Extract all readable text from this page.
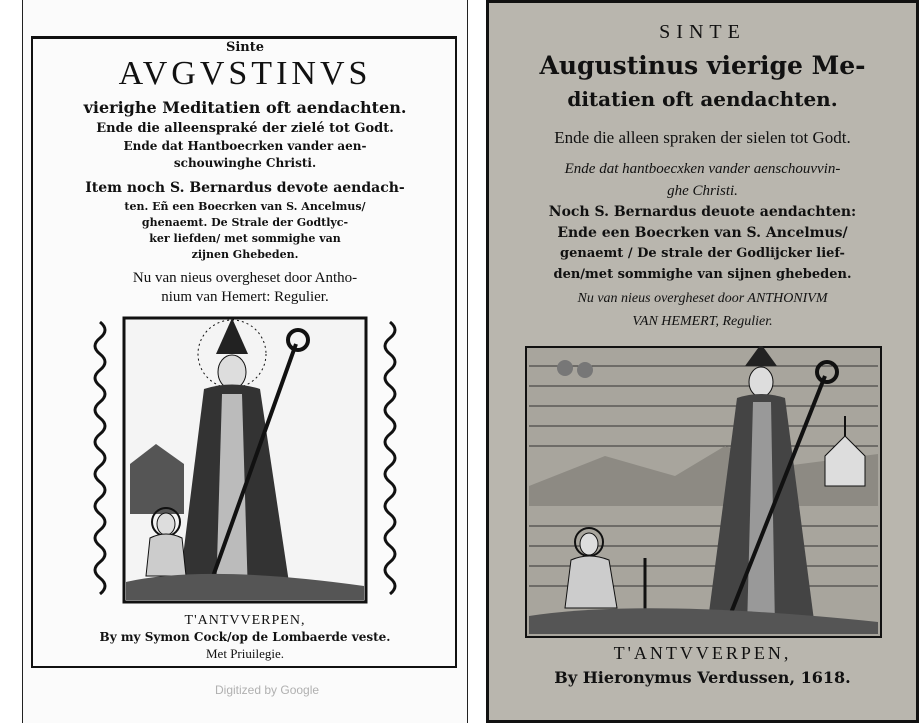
Sinte
AVGVSTINVS
vierighe Meditatien oft aendachten.
Ende die alleenspraké der zielé tot Godt.
Ende dat Hantboecrken vander aen-
schouwinghe Christi.
Item noch S. Bernardus devote aendach-
ten. Eñ een Boecrken van S. Ancelmus/
ghenaemt. De Strale der Godtlyc-
ker liefden/ met sommighe van
zijnen Ghebeden.
Nu van nieus overgheset door Antho-
nium van Hemert: Regulier.
T'ANTVVERPEN,
By my Symon Cock/op de Lombaerde veste.
Met Priuilegie.
Digitized by Google
SINTE
Augustinus vierige Me-
ditatien oft aendachten.
Ende die alleen spraken der sielen tot Godt.
Ende dat hantboecxken vander aenschouvvin-
ghe Christi.
Noch S. Bernardus deuote aendachten:
Ende een Boecrken van S. Ancelmus/
genaemt / De strale der Godlijcker lief-
den/met sommighe van sijnen ghebeden.
Nu van nieus overgheset door ANTHONIVM
VAN HEMERT, Regulier.
T'ANTVVERPEN,
By Hieronymus Verdussen, 1618.
